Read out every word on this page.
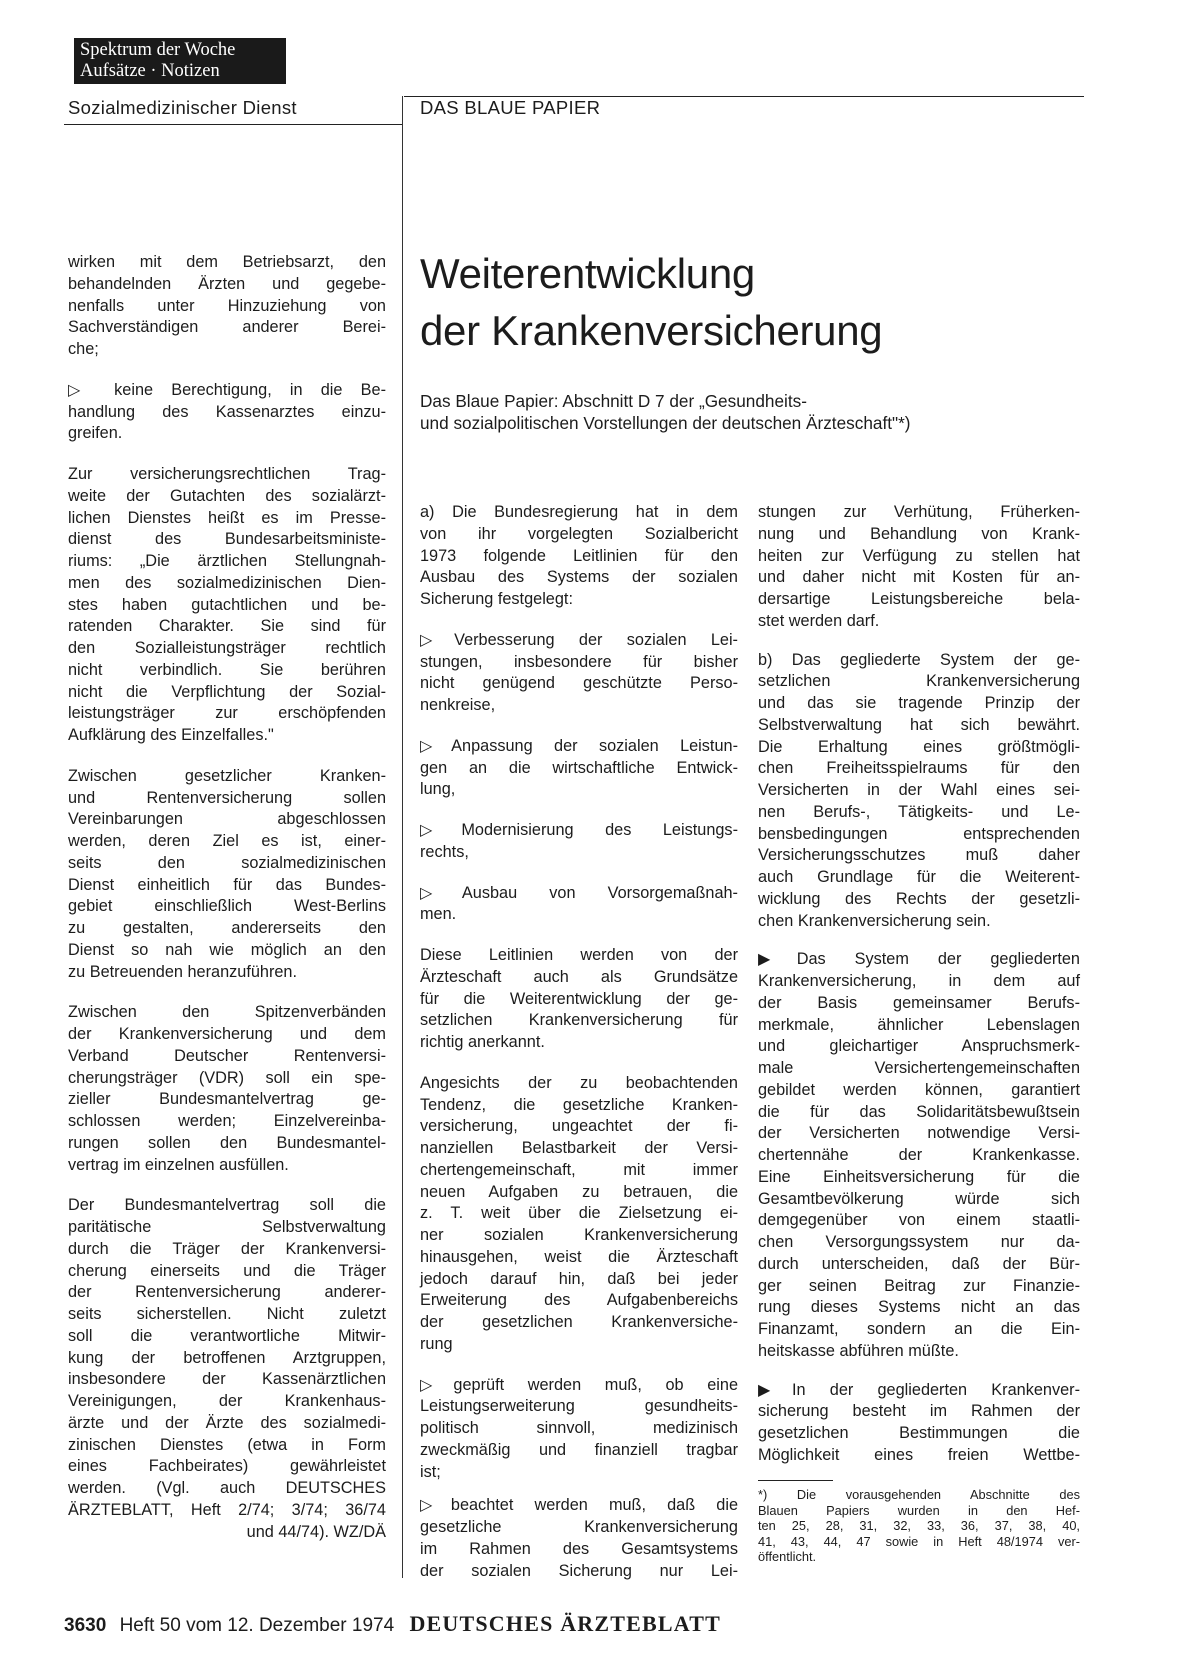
Spektrum der Woche
Aufsätze · Notizen
Sozialmedizinischer Dienst	DAS BLAUE PAPIER
Weiterentwicklung
der Krankenversicherung
Das Blaue Papier: Abschnitt D 7 der „Gesundheits-
und sozialpolitischen Vorstellungen der deutschen Ärzteschaft"*)

wirken mit dem Betriebsarzt, den
behandelnden Ärzten und gegebe-
nenfalls unter Hinzuziehung von
Sachverständigen anderer Berei-
che;

▷ keine Berechtigung, in die Be-
handlung des Kassenarztes einzu-
greifen.

Zur versicherungsrechtlichen Trag-
weite der Gutachten des sozialärzt-
lichen Dienstes heißt es im Presse-
dienst des Bundesarbeitsministe-
riums: „Die ärztlichen Stellungnah-
men des sozialmedizinischen Dien-
stes haben gutachtlichen und be-
ratenden Charakter. Sie sind für
den Sozialleistungsträger rechtlich
nicht verbindlich. Sie berühren
nicht die Verpflichtung der Sozial-
leistungsträger zur erschöpfenden
Aufklärung des Einzelfalles."

Zwischen gesetzlicher Kranken-
und Rentenversicherung sollen
Vereinbarungen abgeschlossen
werden, deren Ziel es ist, einer-
seits den sozialmedizinischen
Dienst einheitlich für das Bundes-
gebiet einschließlich West-Berlins
zu gestalten, andererseits den
Dienst so nah wie möglich an den
zu Betreuenden heranzuführen.

Zwischen den Spitzenverbänden
der Krankenversicherung und dem
Verband Deutscher Rentenversi-
cherungsträger (VDR) soll ein spe-
zieller Bundesmantelvertrag ge-
schlossen werden; Einzelvereinba-
rungen sollen den Bundesmantel-
vertrag im einzelnen ausfüllen.

Der Bundesmantelvertrag soll die
paritätische Selbstverwaltung
durch die Träger der Krankenversi-
cherung einerseits und die Träger
der Rentenversicherung anderer-
seits sicherstellen. Nicht zuletzt
soll die verantwortliche Mitwir-
kung der betroffenen Arztgruppen,
insbesondere der Kassenärztlichen
Vereinigungen, der Krankenhaus-
ärzte und der Ärzte des sozialmedi-
zinischen Dienstes (etwa in Form
eines Fachbeirates) gewährleistet
werden. (Vgl. auch DEUTSCHES
ÄRZTEBLATT, Heft 2/74; 3/74; 36/74
und 44/74). WZ/DÄ

a) Die Bundesregierung hat in dem
von ihr vorgelegten Sozialbericht
1973 folgende Leitlinien für den
Ausbau des Systems der sozialen
Sicherung festgelegt:

▷ Verbesserung der sozialen Lei-
stungen, insbesondere für bisher
nicht genügend geschützte Perso-
nenkreise,

▷ Anpassung der sozialen Leistun-
gen an die wirtschaftliche Entwick-
lung,

▷ Modernisierung des Leistungs-
rechts,

▷ Ausbau von Vorsorgemaßnah-
men.

Diese Leitlinien werden von der
Ärzteschaft auch als Grundsätze
für die Weiterentwicklung der ge-
setzlichen Krankenversicherung für
richtig anerkannt.

Angesichts der zu beobachtenden
Tendenz, die gesetzliche Kranken-
versicherung, ungeachtet der fi-
nanziellen Belastbarkeit der Versi-
chertengemeinschaft, mit immer
neuen Aufgaben zu betrauen, die
z. T. weit über die Zielsetzung ei-
ner sozialen Krankenversicherung
hinausgehen, weist die Ärzteschaft
jedoch darauf hin, daß bei jeder
Erweiterung des Aufgabenbereichs
der gesetzlichen Krankenversiche-
rung

▷ geprüft werden muß, ob eine
Leistungserweiterung gesundheits-
politisch sinnvoll, medizinisch
zweckmäßig und finanziell tragbar
ist;

▷ beachtet werden muß, daß die
gesetzliche Krankenversicherung
im Rahmen des Gesamtsystems
der sozialen Sicherung nur Lei-

stungen zur Verhütung, Früherken-
nung und Behandlung von Krank-
heiten zur Verfügung zu stellen hat
und daher nicht mit Kosten für an-
dersartige Leistungsbereiche bela-
stet werden darf.

b) Das gegliederte System der ge-
setzlichen Krankenversicherung
und das sie tragende Prinzip der
Selbstverwaltung hat sich bewährt.
Die Erhaltung eines größtmögli-
chen Freiheitsspielraums für den
Versicherten in der Wahl eines sei-
nen Berufs-, Tätigkeits- und Le-
bensbedingungen entsprechenden
Versicherungsschutzes muß daher
auch Grundlage für die Weiterent-
wicklung des Rechts der gesetzli-
chen Krankenversicherung sein.

▶ Das System der gegliederten
Krankenversicherung, in dem auf
der Basis gemeinsamer Berufs-
merkmale, ähnlicher Lebenslagen
und gleichartiger Anspruchsmerk-
male Versichertengemeinschaften
gebildet werden können, garantiert
die für das Solidaritätsbewußtsein
der Versicherten notwendige Versi-
chertennähe der Krankenkasse.
Eine Einheitsversicherung für die
Gesamtbevölkerung würde sich
demgegenüber von einem staatli-
chen Versorgungssystem nur da-
durch unterscheiden, daß der Bür-
ger seinen Beitrag zur Finanzie-
rung dieses Systems nicht an das
Finanzamt, sondern an die Ein-
heitskasse abführen müßte.

▶ In der gegliederten Krankenver-
sicherung besteht im Rahmen der
gesetzlichen Bestimmungen die
Möglichkeit eines freien Wettbe-

*) Die vorausgehenden Abschnitte des
Blauen Papiers wurden in den Hef-
ten 25, 28, 31, 32, 33, 36, 37, 38, 40,
41, 43, 44, 47 sowie in Heft 48/1974 ver-
öffentlicht.
3630 Heft 50 vom 12. Dezember 1974 DEUTSCHES ÄRZTEBLATT
